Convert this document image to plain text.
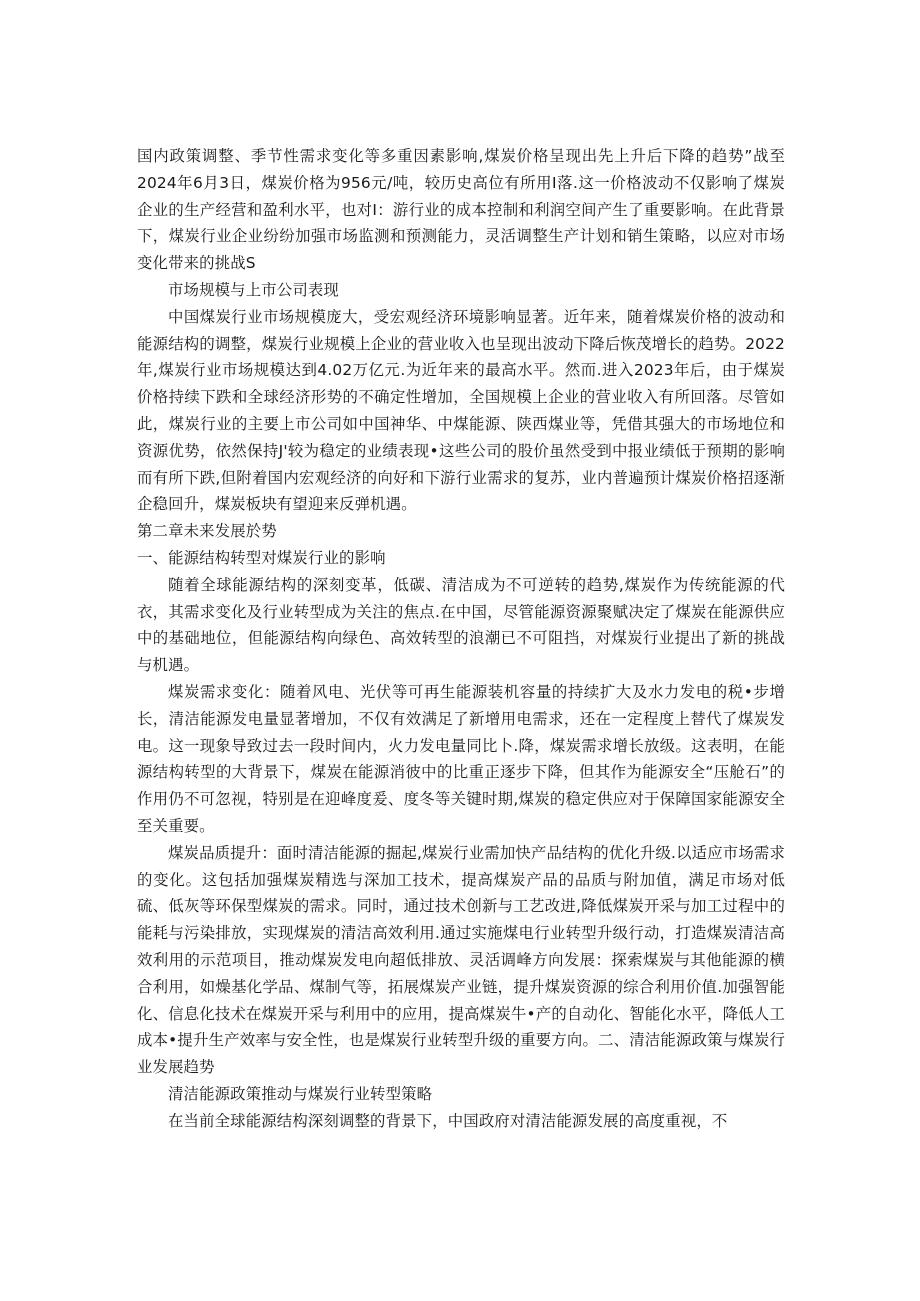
国内政策调整、季节性需求变化等多重因素影响,煤炭价格呈现出先上升后下降的趋势”战至2024年6月3日，煤炭价格为956元/吨，较历史高位有所用I落.这一价格波动不仅影响了煤炭企业的生产经营和盈利水平，也对I：游行业的成本控制和利润空间产生了重要影响。在此背景下，煤炭行业企业纷纷加强市场监测和预测能力，灵活调整生产计划和销生策略，以应对市场变化带来的挑战S

市场规模与上市公司表现

中国煤炭行业市场规模庞大，受宏观经济环境影响显著。近年来，随着煤炭价格的波动和能源结构的调整，煤炭行业规模上企业的营业收入也呈现出波动下降后恢茂增长的趋势。2022年,煤炭行业市场规模达到4.02万亿元.为近年来的最高水平。然而.进入2023年后，由于煤炭价格持续下跌和全球经济形势的不确定性增加，全国规模上企业的营业收入有所回落。尽管如此，煤炭行业的主要上市公司如中国神华、中煤能源、陕西煤业等，凭借其强大的市场地位和资源优势，依然保持J'较为稳定的业绩表现•这些公司的股价虽然受到中报业绩低于预期的影响而有所下跌,但附着国内宏观经济的向好和下游行业需求的复苏，业内普遍预计煤炭价格招逐渐企稳回升，煤炭板块有望迎来反弹机遇。

第二章未来发展於势

一、能源结构转型对煤炭行业的影响

随着全球能源结构的深刻变革，低碳、清洁成为不可逆转的趋势,煤炭作为传统能源的代衣，其需求变化及行业转型成为关注的焦点.在中国，尽管能源资源聚赋决定了煤炭在能源供应中的基础地位，但能源结构向绿色、高效转型的浪潮已不可阻挡，对煤炭行业提出了新的挑战与机遇。

煤炭需求变化：随着风电、光伏等可再生能源装机容量的持续扩大及水力发电的税•步增长，清洁能源发电量显著增加，不仅有效满足了新增用电需求，还在一定程度上替代了煤炭发电。这一现象导致过去一段时间内，火力发电量同比卜.降，煤炭需求增长放级。这表明，在能源结构转型的大背景下，煤炭在能源消彼中的比重正逐步下降，但其作为能源安全“压舱石”的作用仍不可忽视，特别是在迎峰度爰、度冬等关键时期,煤炭的稳定供应对于保障国家能源安全至关重要。

煤炭品质提升：面时清洁能源的掘起,煤炭行业需加快产品结构的优化升级.以适应市场需求的变化。这包括加强煤炭精选与深加工技术，提高煤炭产品的品质与附加值，满足市场对低硫、低灰等环保型煤炭的需求。同时，通过技术创新与工艺改进,降低煤炭开采与加工过程中的能耗与污染排放，实现煤炭的清洁高效利用.通过实施煤电行业转型升级行动，打造煤炭清洁高效利用的示范项目，推动煤炭发电向超低排放、灵活调峰方向发展：探索煤炭与其他能源的横合利用，如燥基化学品、煤制气等，拓展煤炭产业链，提升煤炭资源的综合利用价值.加强智能化、信息化技术在煤炭开采与利用中的应用，提高煤炭牛•产的自动化、智能化水平，降低人工成本•提升生产效率与安全性，也是煤炭行业转型升级的重要方向。二、清洁能源政策与煤炭行业发展趋势

清洁能源政策推动与煤炭行业转型策略

在当前全球能源结构深刻调整的背景下，中国政府对清洁能源发展的高度重视，不
